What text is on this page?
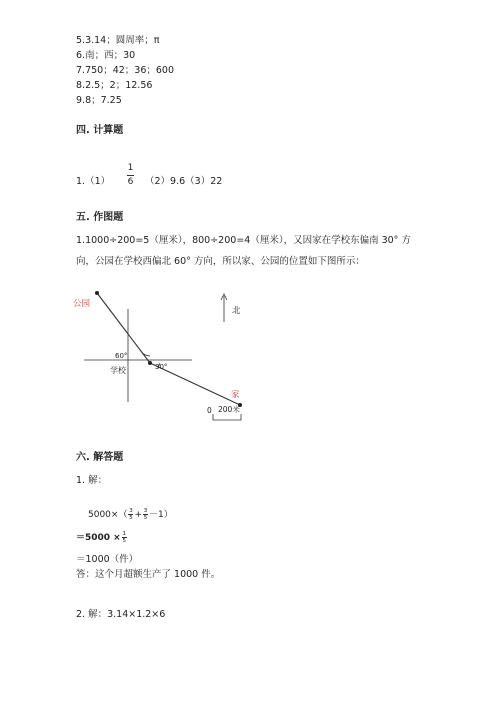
5.3.14；圆周率；π
6.南；西；30
7.750；42；36；600
8.2.5；2；12.56
9.8；7.25
四. 计算题
1.（1）
1
6 （2）9.6（3）22
五. 作图题
1.1000÷200=5（厘米），800÷200=4（厘米），又因家在学校东偏南 30° 方
向，公园在学校西偏北 60° 方向，所以家、公园的位置如下图所示：
公园
学校
家
北
60°
30°
0 200米
六. 解答题
1. 解：
$5000\times( \frac{3}{5} + \frac{3}{5} -1)$
$=5000 \times \frac{1}{5}$
＝1000（件）
答：这个月超额生产了 1000 件。
2. 解：3.14×1.2×6
